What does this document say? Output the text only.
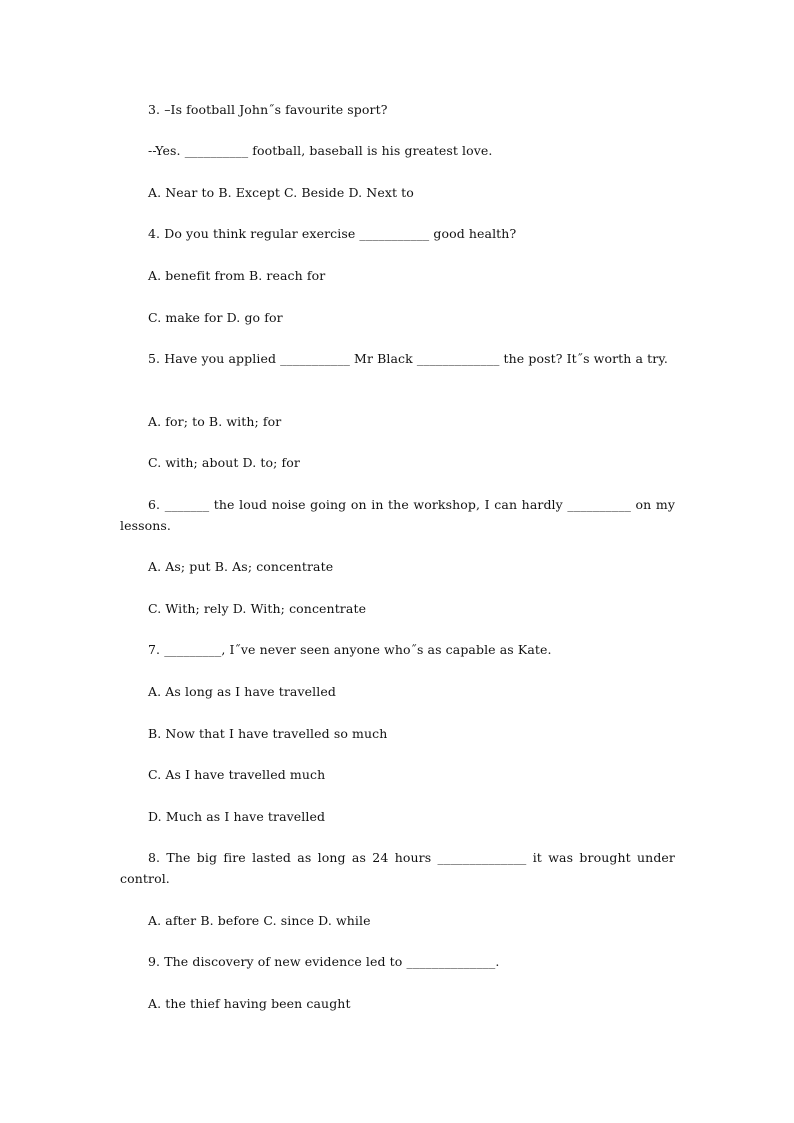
3. –Is football John˝s favourite sport?
--Yes. __________ football, baseball is his greatest love.
A. Near to B. Except C. Beside D. Next to
4. Do you think regular exercise ___________ good health?
A. benefit from B. reach for
C. make for D. go for
5. Have you applied ___________ Mr Black _____________ the post? It˝s worth a try.
A. for; to B. with; for
C. with; about D. to; for
6. _______ the loud noise going on in the workshop, I can hardly __________ on my lessons.
A. As; put B. As; concentrate
C. With; rely D. With; concentrate
7. _________, I˝ve never seen anyone who˝s as capable as Kate.
A. As long as I have travelled
B. Now that I have travelled so much
C. As I have travelled much
D. Much as I have travelled
8. The big fire lasted as long as 24 hours ______________ it was brought under control.
A. after B. before C. since D. while
9. The discovery of new evidence led to ______________.
A. the thief having been caught
